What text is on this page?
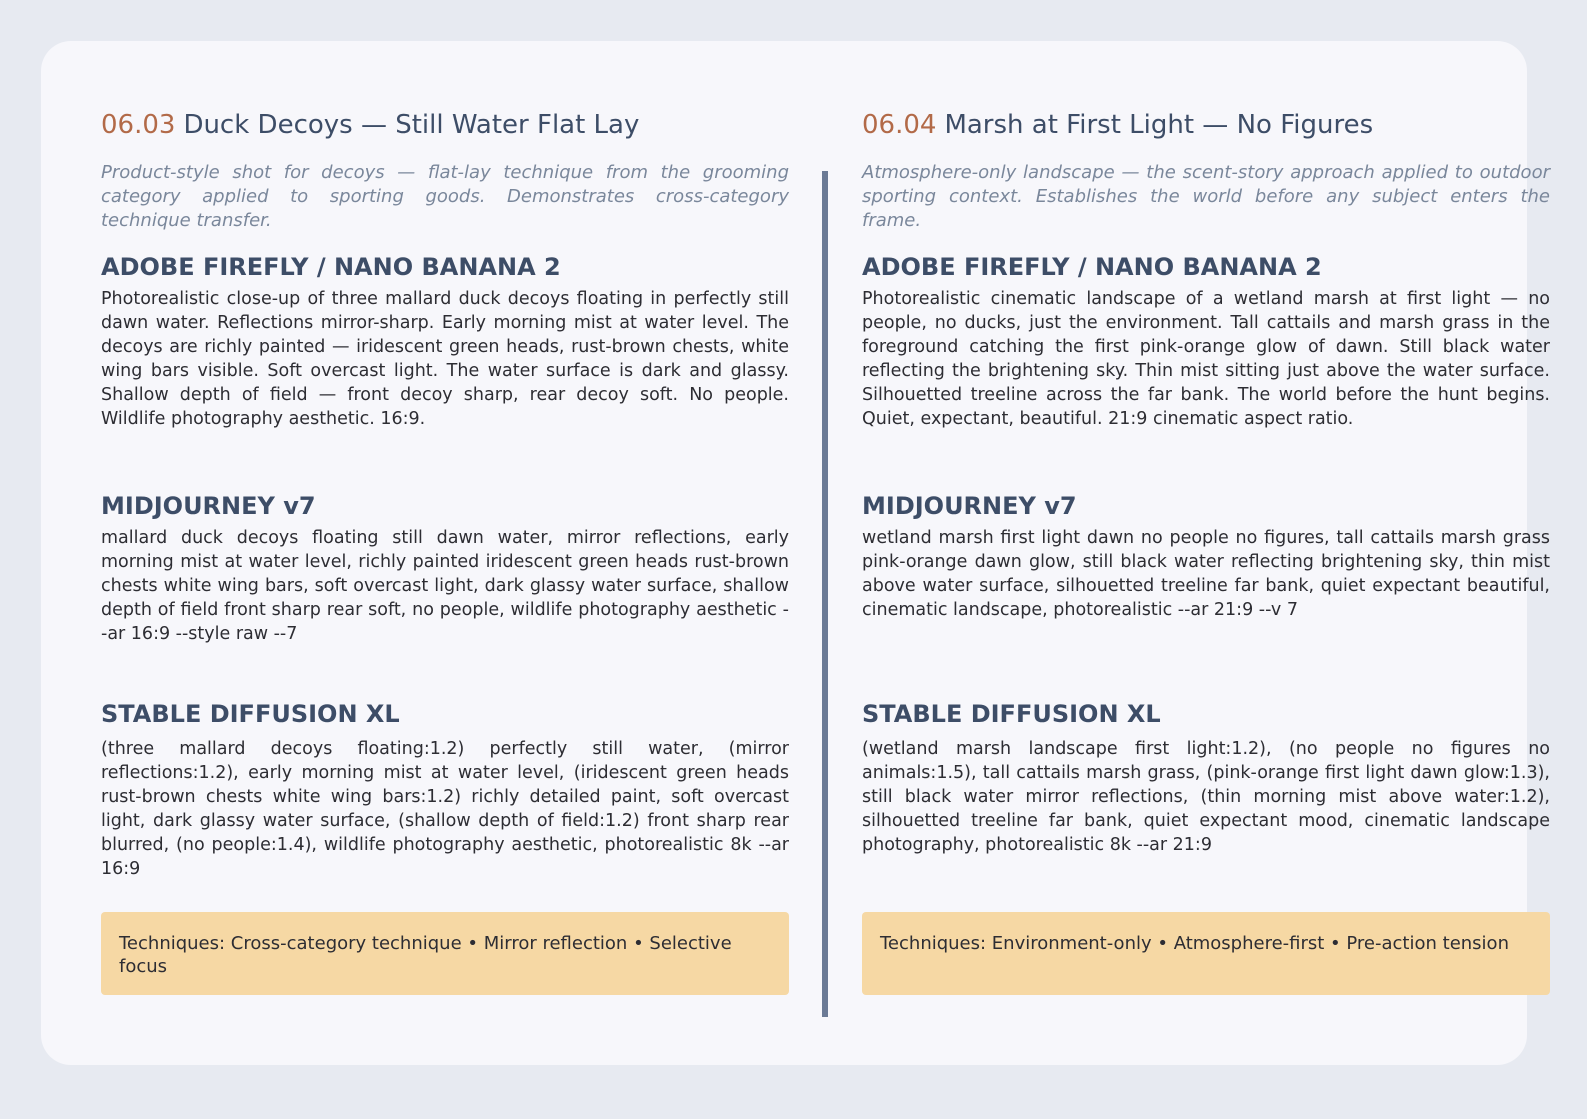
06.03 Duck Decoys — Still Water Flat Lay

Product-style shot for decoys — flat-lay technique from the grooming category applied to sporting goods. Demonstrates cross-category technique transfer.

ADOBE FIREFLY / NANO BANANA 2

Photorealistic close-up of three mallard duck decoys floating in perfectly still dawn water. Reflections mirror-sharp. Early morning mist at water level. The decoys are richly painted — iridescent green heads, rust-brown chests, white wing bars visible. Soft overcast light. The water surface is dark and glassy. Shallow depth of field — front decoy sharp, rear decoy soft. No people. Wildlife photography aesthetic. 16:9.

MIDJOURNEY v7

mallard duck decoys floating still dawn water, mirror reflections, early morning mist at water level, richly painted iridescent green heads rust-brown chests white wing bars, soft overcast light, dark glassy water surface, shallow depth of field front sharp rear soft, no people, wildlife photography aesthetic --ar 16:9 --style raw --7

STABLE DIFFUSION XL

(three mallard decoys floating:1.2) perfectly still water, (mirror reflections:1.2), early morning mist at water level, (iridescent green heads rust-brown chests white wing bars:1.2) richly detailed paint, soft overcast light, dark glassy water surface, (shallow depth of field:1.2) front sharp rear blurred, (no people:1.4), wildlife photography aesthetic, photorealistic 8k --ar 16:9

Techniques: Cross-category technique • Mirror reflection • Selective focus
06.04 Marsh at First Light — No Figures

Atmosphere-only landscape — the scent-story approach applied to outdoor sporting context. Establishes the world before any subject enters the frame.

ADOBE FIREFLY / NANO BANANA 2

Photorealistic cinematic landscape of a wetland marsh at first light — no people, no ducks, just the environment. Tall cattails and marsh grass in the foreground catching the first pink-orange glow of dawn. Still black water reflecting the brightening sky. Thin mist sitting just above the water surface. Silhouetted treeline across the far bank. The world before the hunt begins. Quiet, expectant, beautiful. 21:9 cinematic aspect ratio.

MIDJOURNEY v7

wetland marsh first light dawn no people no figures, tall cattails marsh grass pink-orange dawn glow, still black water reflecting brightening sky, thin mist above water surface, silhouetted treeline far bank, quiet expectant beautiful, cinematic landscape, photorealistic --ar 21:9 --v 7

STABLE DIFFUSION XL

(wetland marsh landscape first light:1.2), (no people no figures no animals:1.5), tall cattails marsh grass, (pink-orange first light dawn glow:1.3), still black water mirror reflections, (thin morning mist above water:1.2), silhouetted treeline far bank, quiet expectant mood, cinematic landscape photography, photorealistic 8k --ar 21:9

Techniques: Environment-only • Atmosphere-first • Pre-action tension
